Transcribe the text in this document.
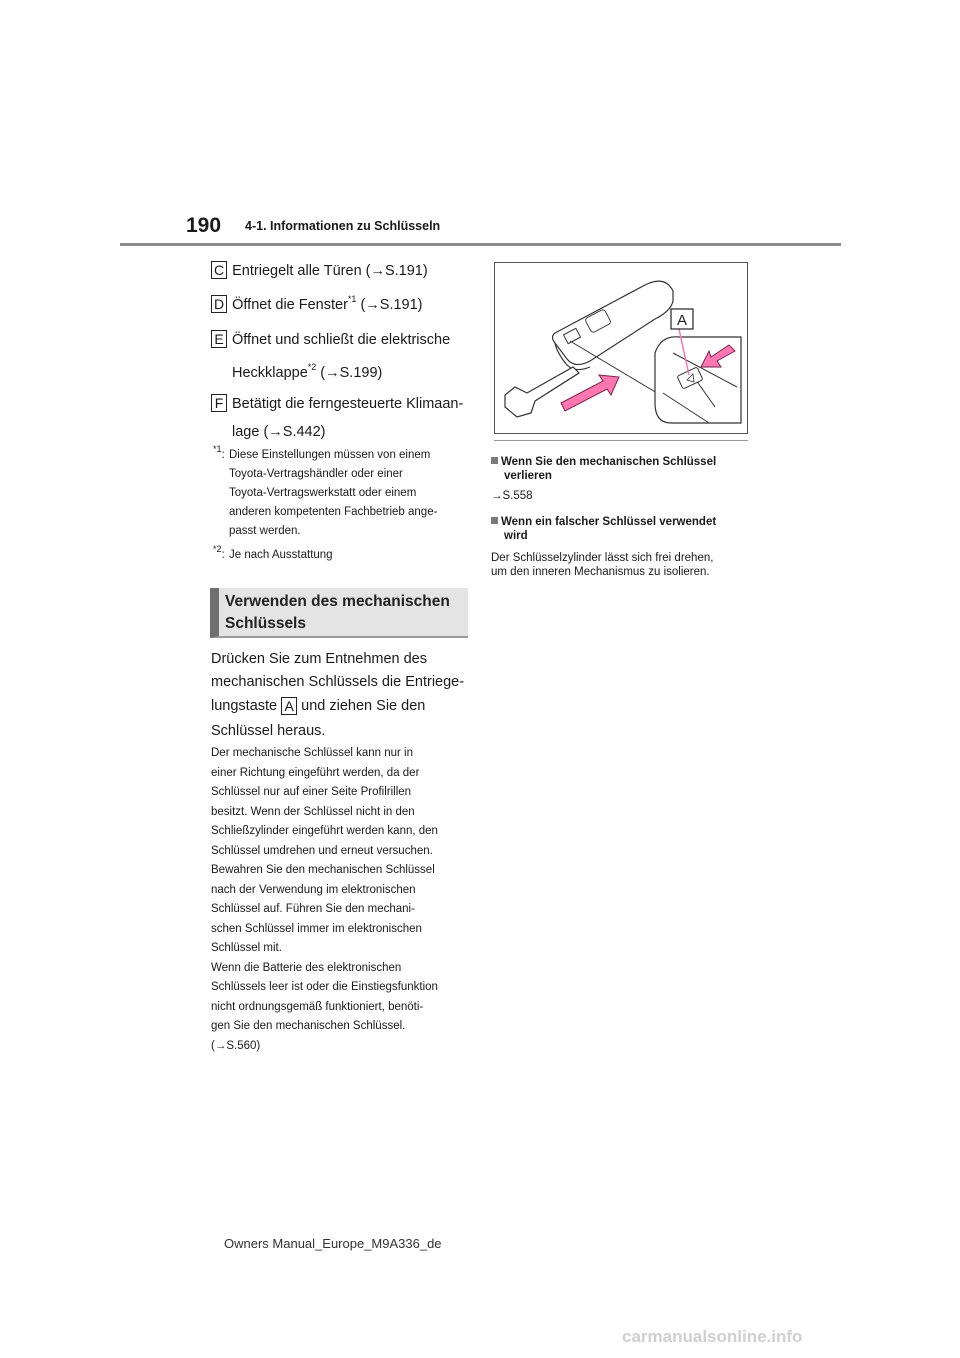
190 4-1. Informationen zu Schlüsseln
C Entriegelt alle Türen (→S.191)
D Öffnet die Fenster$^{*1}$ (→S.191)
E Öffnet und schließt die elektrische
Heckklappe$^{*2}$ (→S.199)
F Betätigt die ferngesteuerte Klimaan-
lage (→S.442)
$^{*1}$: Diese Einstellungen müssen von einem
Toyota-Vertragshändler oder einer
Toyota-Vertragswerkstatt oder einem
anderen kompetenten Fachbetrieb ange-
passt werden.
$^{*2}$: Je nach Ausstattung
Verwenden des mechanischen
Schlüssels
Drücken Sie zum Entnehmen des
mechanischen Schlüssels die Entriege-
lungstaste A und ziehen Sie den
Schlüssel heraus.
Der mechanische Schlüssel kann nur in
einer Richtung eingeführt werden, da der
Schlüssel nur auf einer Seite Profilrillen
besitzt. Wenn der Schlüssel nicht in den
Schließzylinder eingeführt werden kann, den
Schlüssel umdrehen und erneut versuchen.
Bewahren Sie den mechanischen Schlüssel
nach der Verwendung im elektronischen
Schlüssel auf. Führen Sie den mechani-
schen Schlüssel immer im elektronischen
Schlüssel mit.
Wenn die Batterie des elektronischen
Schlüssels leer ist oder die Einstiegsfunktion
nicht ordnungsgemäß funktioniert, benöti-
gen Sie den mechanischen Schlüssel.
(→S.560)
A
Wenn Sie den mechanischen Schlüssel
verlieren
→S.558
Wenn ein falscher Schlüssel verwendet
wird
Der Schlüsselzylinder lässt sich frei drehen,
um den inneren Mechanismus zu isolieren.
Owners Manual_Europe_M9A336_de
carmanualsonline.info
